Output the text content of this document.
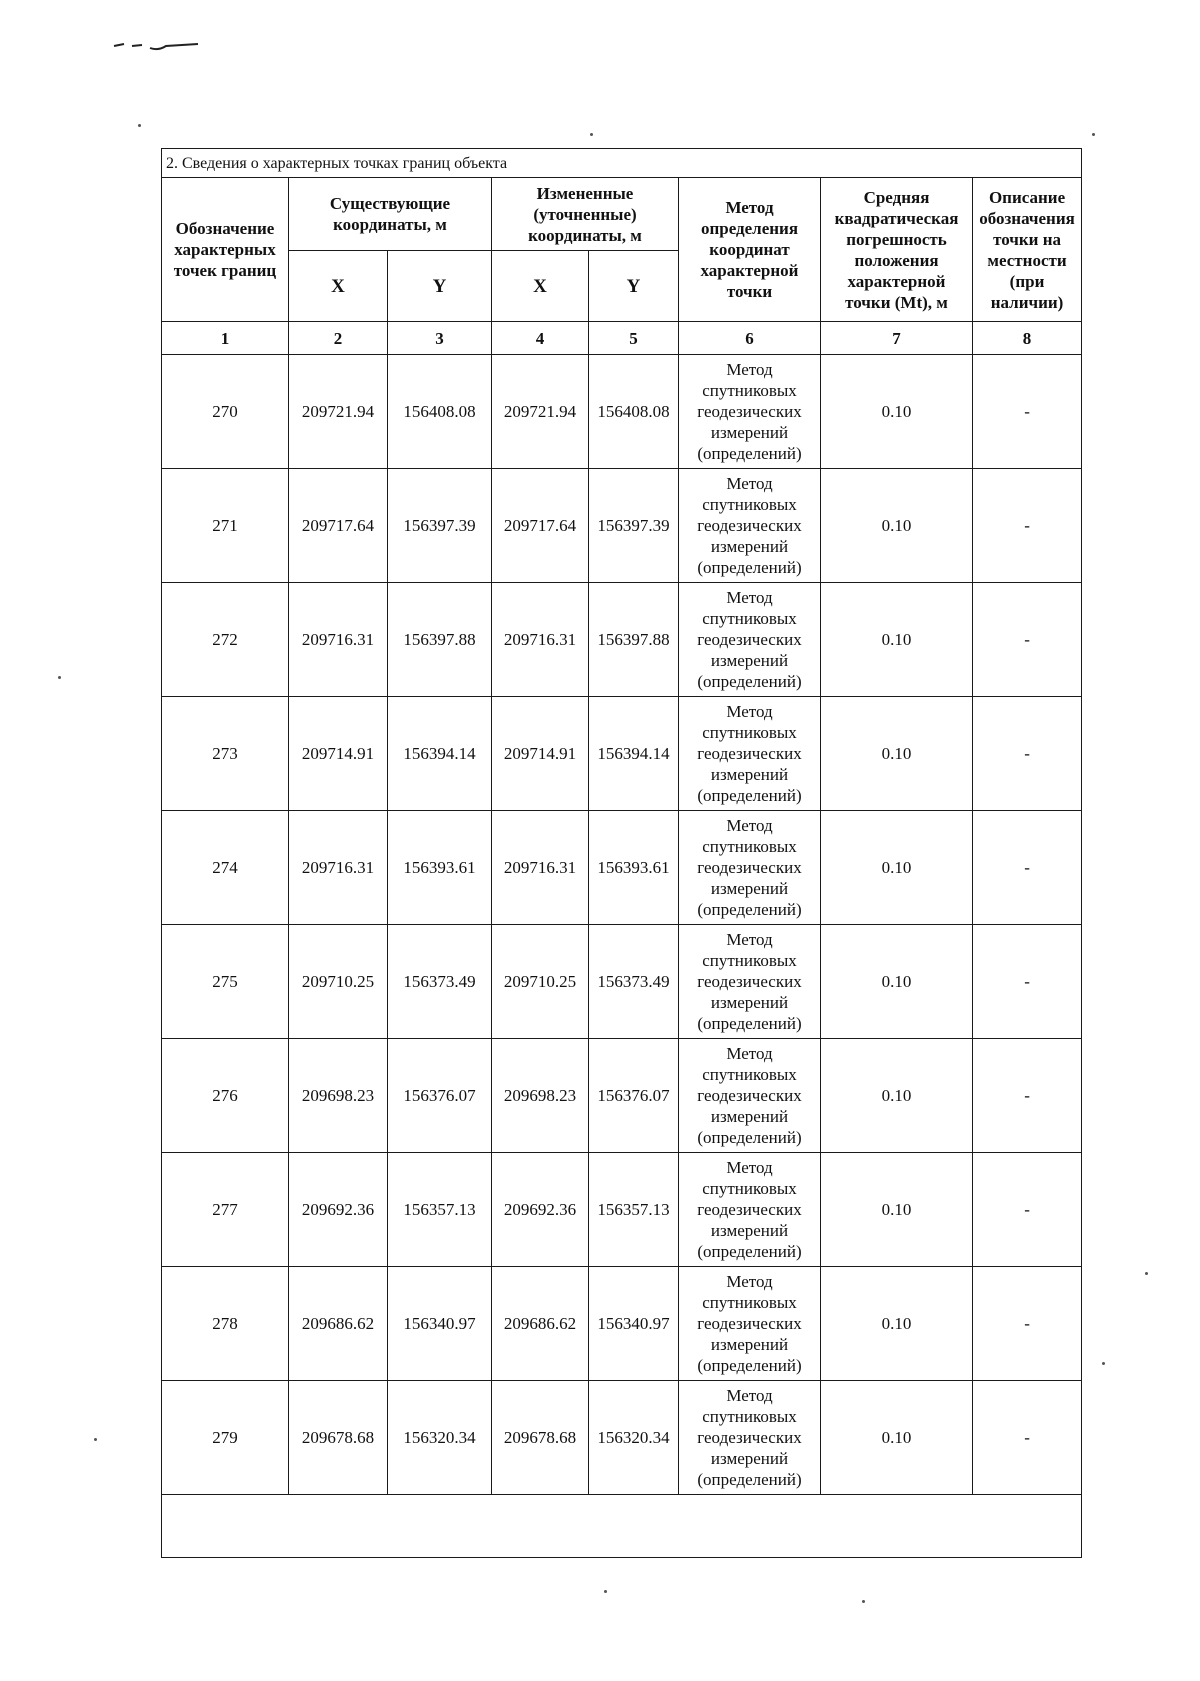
2. Сведения о характерных точках границ объекта							
Обозначение характерных точек границ	Существующие координаты, м		Измененные (уточненные) координаты, м		Метод определения координат характерной точки	Средняя квадратическая погрешность положения характерной точки (Mt), м	Описание обозначения точки на местности (при наличии)
	X	Y	X	Y			
1	2	3	4	5	6	7	8
270	209721.94	156408.08	209721.94	156408.08	Метод
спутниковых
геодезических
измерений
(определений)	0.10	-
271	209717.64	156397.39	209717.64	156397.39	Метод
спутниковых
геодезических
измерений
(определений)	0.10	-
272	209716.31	156397.88	209716.31	156397.88	Метод
спутниковых
геодезических
измерений
(определений)	0.10	-
273	209714.91	156394.14	209714.91	156394.14	Метод
спутниковых
геодезических
измерений
(определений)	0.10	-
274	209716.31	156393.61	209716.31	156393.61	Метод
спутниковых
геодезических
измерений
(определений)	0.10	-
275	209710.25	156373.49	209710.25	156373.49	Метод
спутниковых
геодезических
измерений
(определений)	0.10	-
276	209698.23	156376.07	209698.23	156376.07	Метод
спутниковых
геодезических
измерений
(определений)	0.10	-
277	209692.36	156357.13	209692.36	156357.13	Метод
спутниковых
геодезических
измерений
(определений)	0.10	-
278	209686.62	156340.97	209686.62	156340.97	Метод
спутниковых
геодезических
измерений
(определений)	0.10	-
279	209678.68	156320.34	209678.68	156320.34	Метод
спутниковых
геодезических
измерений
(определений)	0.10	-
